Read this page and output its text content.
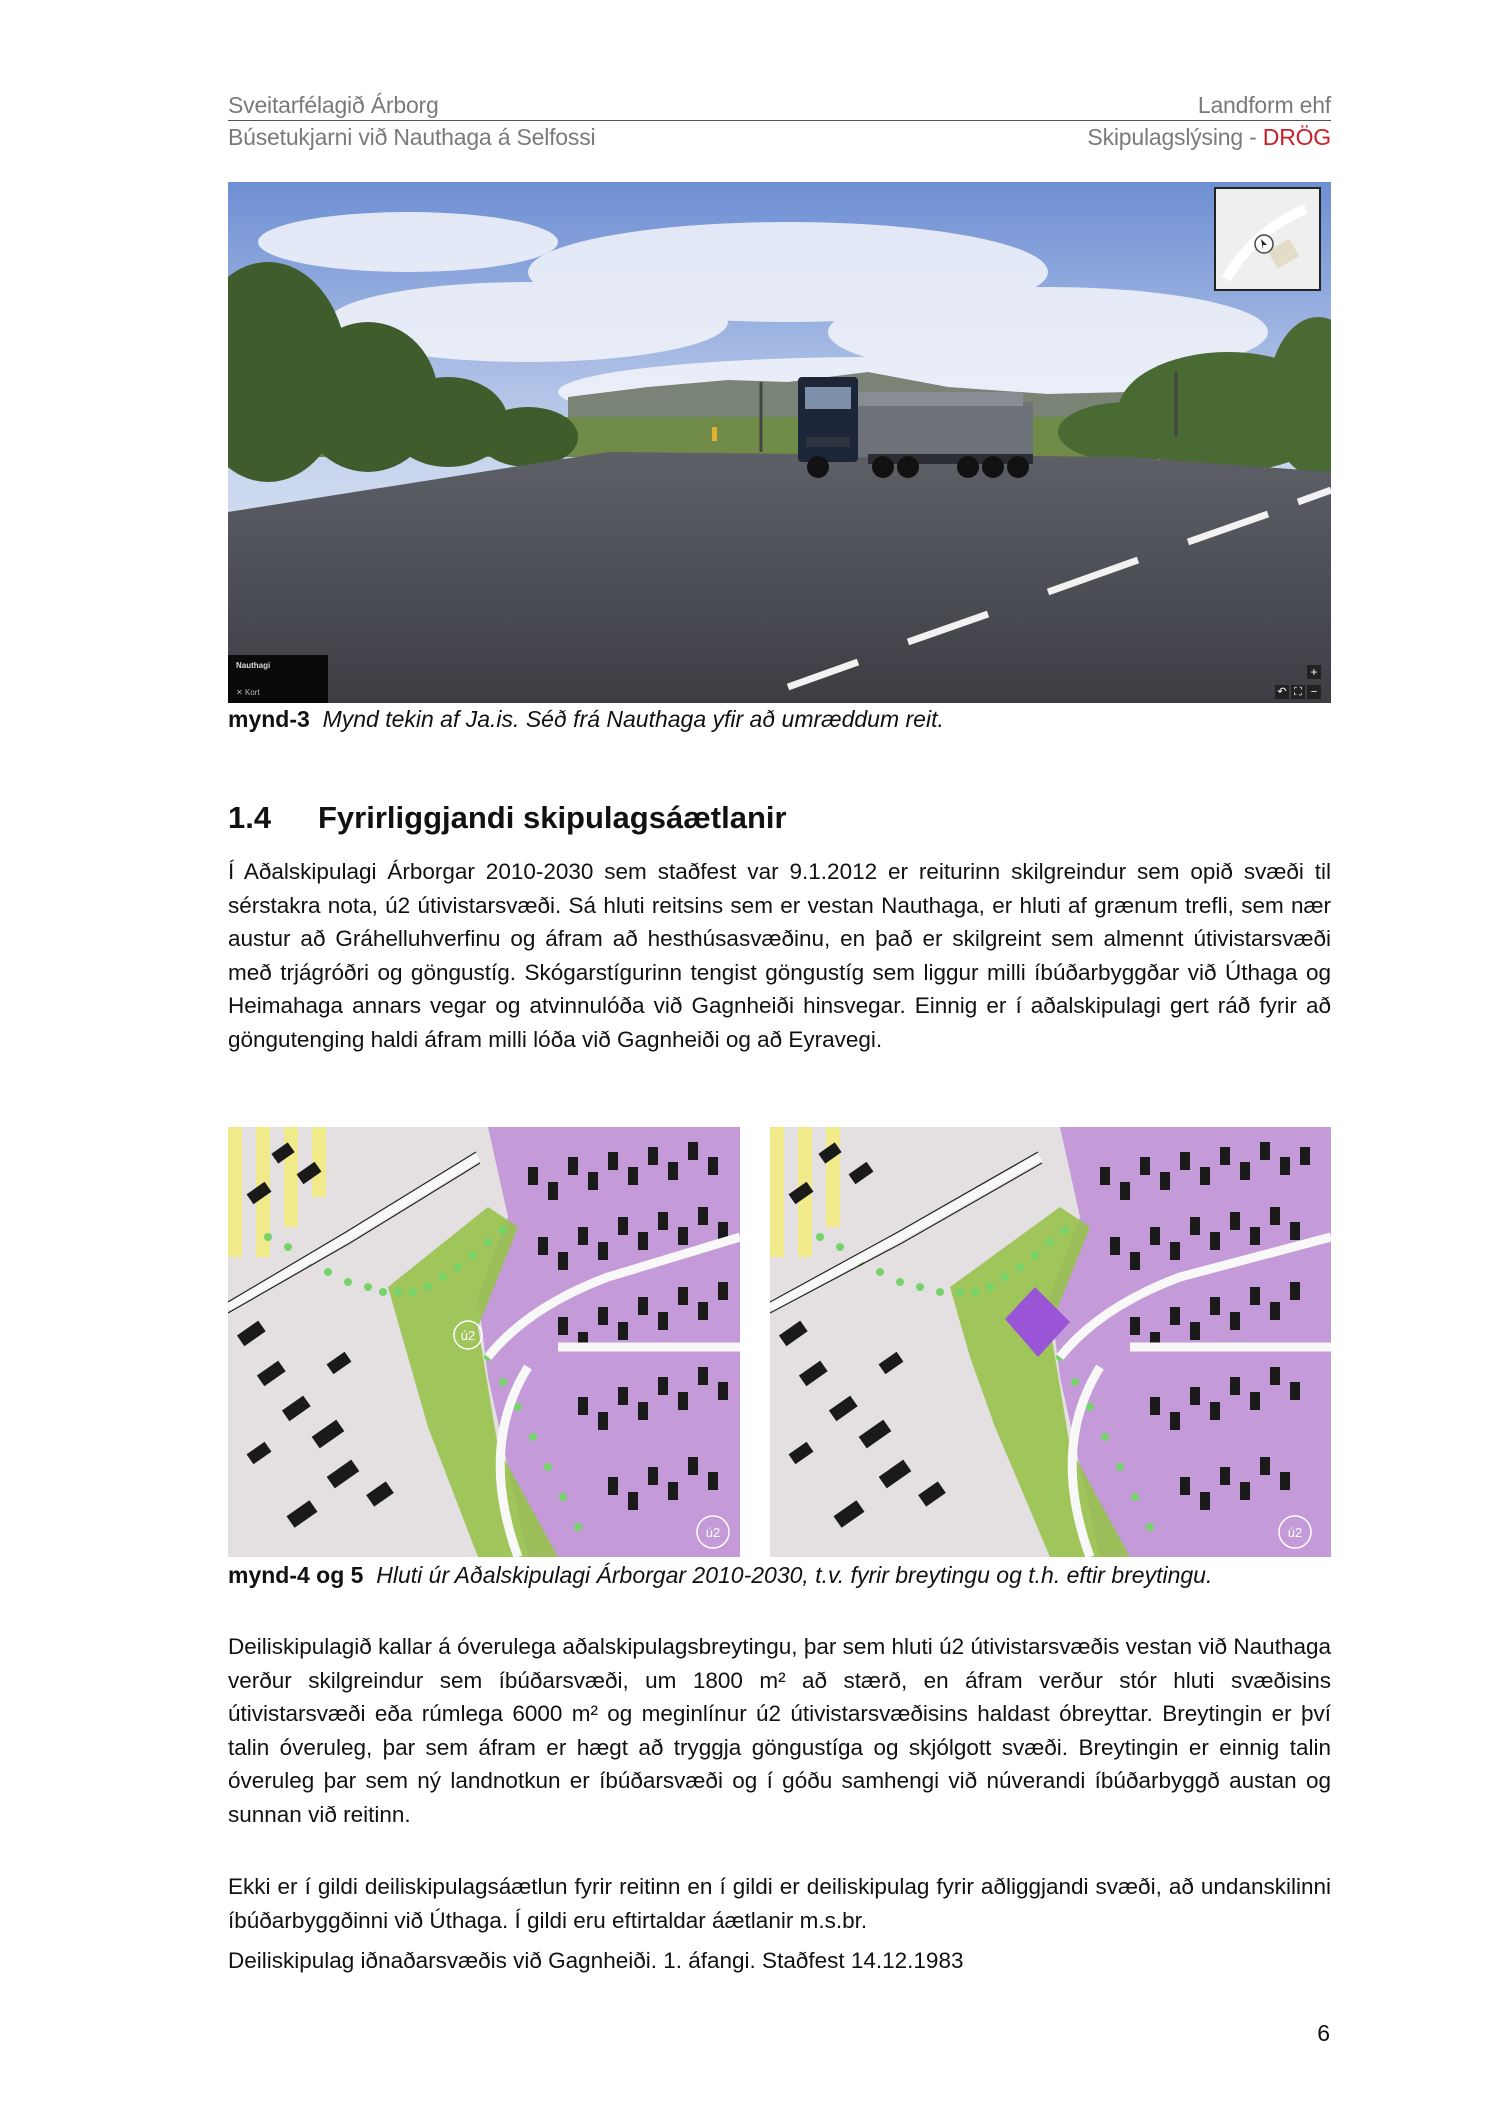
Sveitarfélagið Árborg	Landform ehf
Búsetukjarni við Nauthaga á Selfossi	Skipulagslýsing - DRÖG
Nauthagi
✕ Kort
+
↶ ⛶ −
mynd-3 Mynd tekin af Ja.is. Séð frá Nauthaga yfir að umræddum reit.
1.4 Fyrirliggjandi skipulagsáætlanir
Í Aðalskipulagi Árborgar 2010-2030 sem staðfest var 9.1.2012 er reiturinn skilgreindur sem opið svæði til sérstakra nota, ú2 útivistarsvæði. Sá hluti reitsins sem er vestan Nauthaga, er hluti af grænum trefli, sem nær austur að Gráhelluhverfinu og áfram að hesthúsasvæðinu, en það er skilgreint sem almennt útivistarsvæði með trjágróðri og göngustíg. Skógarstígurinn tengist göngustíg sem liggur milli íbúðarbyggðar við Úthaga og Heimahaga annars vegar og atvinnulóða við Gagnheiði hinsvegar. Einnig er í aðalskipulagi gert ráð fyrir að göngutenging haldi áfram milli lóða við Gagnheiði og að Eyravegi.
ú2
ú2	ú2
mynd-4 og 5 Hluti úr Aðalskipulagi Árborgar 2010-2030, t.v. fyrir breytingu og t.h. eftir breytingu.
Deiliskipulagið kallar á óverulega aðalskipulagsbreytingu, þar sem hluti ú2 útivistarsvæðis vestan við Nauthaga verður skilgreindur sem íbúðarsvæði, um 1800 m² að stærð, en áfram verður stór hluti svæðisins útivistarsvæði eða rúmlega 6000 m² og meginlínur ú2 útivistarsvæðisins haldast óbreyttar. Breytingin er því talin óveruleg, þar sem áfram er hægt að tryggja göngustíga og skjólgott svæði. Breytingin er einnig talin óveruleg þar sem ný landnotkun er íbúðarsvæði og í góðu samhengi við núverandi íbúðarbyggð austan og sunnan við reitinn.
Ekki er í gildi deiliskipulagsáætlun fyrir reitinn en í gildi er deiliskipulag fyrir aðliggjandi svæði, að undanskilinni íbúðarbyggðinni við Úthaga. Í gildi eru eftirtaldar áætlanir m.s.br.
Deiliskipulag iðnaðarsvæðis við Gagnheiði. 1. áfangi. Staðfest 14.12.1983
6
